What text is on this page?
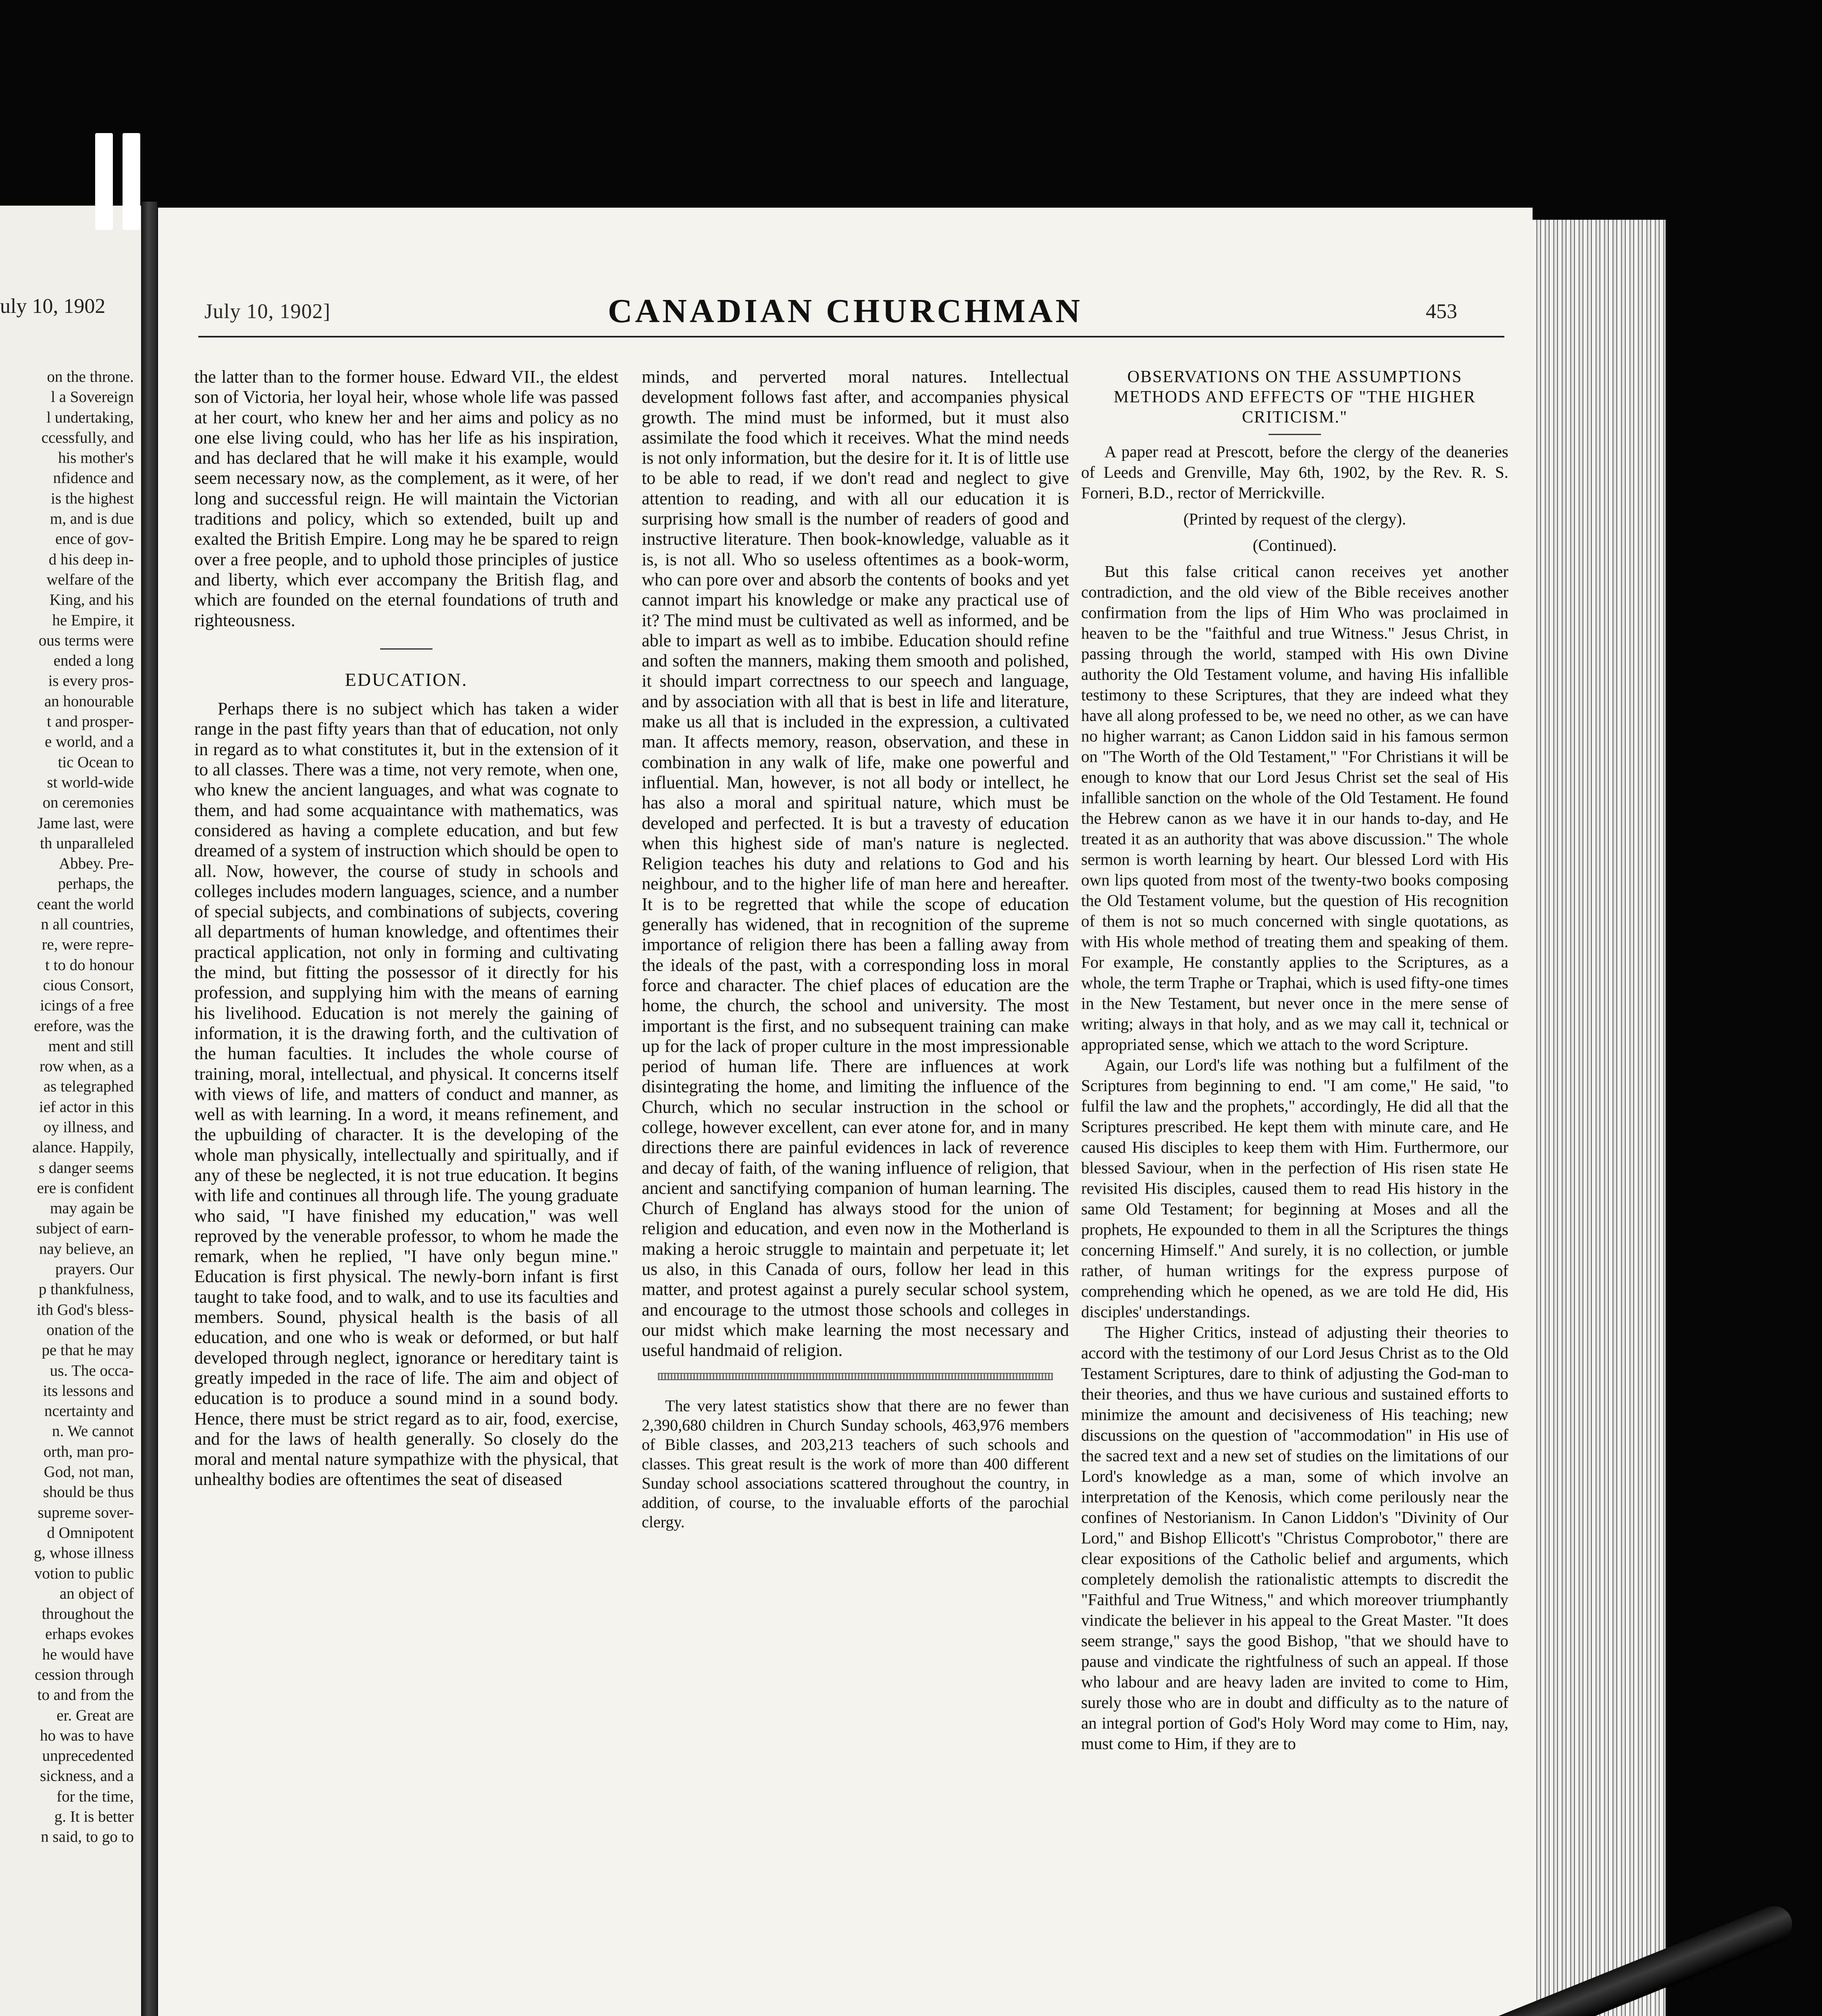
uly 10, 1902
on the throne.
l a Sovereign
l undertaking,
ccessfully, and
his mother's
nfidence and
is the highest
m, and is due
ence of gov-
d his deep in-
welfare of the
King, and his
he Empire, it
ous terms were
ended a long
is every pros-
an honourable
t and prosper-
e world, and a
tic Ocean to
st world-wide
on ceremonies
Jame last, were
th unparalleled
Abbey. Pre-
perhaps, the
ceant the world
n all countries,
re, were repre-
t to do honour
cious Consort,
icings of a free
erefore, was the
ment and still
row when, as a
as telegraphed
ief actor in this
oy illness, and
alance. Happily,
s danger seems
ere is confident
may again be
subject of earn-
nay believe, an
prayers. Our
p thankfulness,
ith God's bless-
onation of the
pe that he may
us. The occa-
its lessons and
ncertainty and
n. We cannot
orth, man pro-
God, not man,
should be thus
supreme sover-
d Omnipotent
g, whose illness
votion to public
an object of
throughout the
erhaps evokes
he would have
cession through
to and from the
er. Great are
ho was to have
unprecedented
sickness, and a
for the time,
g. It is better
n said, to go to
July 10, 1902]	CANADIAN CHURCHMAN	453

the latter than to the former house. Edward VII., the eldest son of Victoria, her loyal heir, whose whole life was passed at her court, who knew her and her aims and policy as no one else living could, who has her life as his inspiration, and has declared that he will make it his example, would seem necessary now, as the complement, as it were, of her long and successful reign. He will maintain the Victorian traditions and policy, which so extended, built up and exalted the British Empire. Long may he be spared to reign over a free people, and to uphold those principles of justice and liberty, which ever accompany the British flag, and which are founded on the eternal foundations of truth and righteousness.

EDUCATION.

Perhaps there is no subject which has taken a wider range in the past fifty years than that of education, not only in regard as to what constitutes it, but in the extension of it to all classes. There was a time, not very remote, when one, who knew the ancient languages, and what was cognate to them, and had some acquaintance with mathematics, was considered as having a complete education, and but few dreamed of a system of instruction which should be open to all. Now, however, the course of study in schools and colleges includes modern languages, science, and a number of special subjects, and combinations of subjects, covering all departments of human knowledge, and oftentimes their practical application, not only in forming and cultivating the mind, but fitting the possessor of it directly for his profession, and supplying him with the means of earning his livelihood. Education is not merely the gaining of information, it is the drawing forth, and the cultivation of the human faculties. It includes the whole course of training, moral, intellectual, and physical. It concerns itself with views of life, and matters of conduct and manner, as well as with learning. In a word, it means refinement, and the upbuilding of character. It is the developing of the whole man physically, intellectually and spiritually, and if any of these be neglected, it is not true education. It begins with life and continues all through life. The young graduate who said, "I have finished my education," was well reproved by the venerable professor, to whom he made the remark, when he replied, "I have only begun mine." Education is first physical. The newly-born infant is first taught to take food, and to walk, and to use its faculties and members. Sound, physical health is the basis of all education, and one who is weak or deformed, or but half developed through neglect, ignorance or hereditary taint is greatly impeded in the race of life. The aim and object of education is to produce a sound mind in a sound body. Hence, there must be strict regard as to air, food, exercise, and for the laws of health generally. So closely do the moral and mental nature sympathize with the physical, that unhealthy bodies are oftentimes the seat of diseased

minds, and perverted moral natures. Intellectual development follows fast after, and accompanies physical growth. The mind must be informed, but it must also assimilate the food which it receives. What the mind needs is not only information, but the desire for it. It is of little use to be able to read, if we don't read and neglect to give attention to reading, and with all our education it is surprising how small is the number of readers of good and instructive literature. Then book-knowledge, valuable as it is, is not all. Who so useless oftentimes as a book-worm, who can pore over and absorb the contents of books and yet cannot impart his knowledge or make any practical use of it? The mind must be cultivated as well as informed, and be able to impart as well as to imbibe. Education should refine and soften the manners, making them smooth and polished, it should impart correctness to our speech and language, and by association with all that is best in life and literature, make us all that is included in the expression, a cultivated man. It affects memory, reason, observation, and these in combination in any walk of life, make one powerful and influential. Man, however, is not all body or intellect, he has also a moral and spiritual nature, which must be developed and perfected. It is but a travesty of education when this highest side of man's nature is neglected. Religion teaches his duty and relations to God and his neighbour, and to the higher life of man here and hereafter. It is to be regretted that while the scope of education generally has widened, that in recognition of the supreme importance of religion there has been a falling away from the ideals of the past, with a corresponding loss in moral force and character. The chief places of education are the home, the church, the school and university. The most important is the first, and no subsequent training can make up for the lack of proper culture in the most impressionable period of human life. There are influences at work disintegrating the home, and limiting the influence of the Church, which no secular instruction in the school or college, however excellent, can ever atone for, and in many directions there are painful evidences in lack of reverence and decay of faith, of the waning influence of religion, that ancient and sanctifying companion of human learning. The Church of England has always stood for the union of religion and education, and even now in the Motherland is making a heroic struggle to maintain and perpetuate it; let us also, in this Canada of ours, follow her lead in this matter, and protest against a purely secular school system, and encourage to the utmost those schools and colleges in our midst which make learning the most necessary and useful handmaid of religion.

The very latest statistics show that there are no fewer than 2,390,680 children in Church Sunday schools, 463,976 members of Bible classes, and 203,213 teachers of such schools and classes. This great result is the work of more than 400 different Sunday school associations scattered throughout the country, in addition, of course, to the invaluable efforts of the parochial clergy.

OBSERVATIONS ON THE ASSUMPTIONS METHODS AND EFFECTS OF "THE HIGHER CRITICISM."

A paper read at Prescott, before the clergy of the deaneries of Leeds and Grenville, May 6th, 1902, by the Rev. R. S. Forneri, B.D., rector of Merrickville.

(Printed by request of the clergy).

(Continued).

But this false critical canon receives yet another contradiction, and the old view of the Bible receives another confirmation from the lips of Him Who was proclaimed in heaven to be the "faithful and true Witness." Jesus Christ, in passing through the world, stamped with His own Divine authority the Old Testament volume, and having His infallible testimony to these Scriptures, that they are indeed what they have all along professed to be, we need no other, as we can have no higher warrant; as Canon Liddon said in his famous sermon on "The Worth of the Old Testament," "For Christians it will be enough to know that our Lord Jesus Christ set the seal of His infallible sanction on the whole of the Old Testament. He found the Hebrew canon as we have it in our hands to-day, and He treated it as an authority that was above discussion." The whole sermon is worth learning by heart. Our blessed Lord with His own lips quoted from most of the twenty-two books composing the Old Testament volume, but the question of His recognition of them is not so much concerned with single quotations, as with His whole method of treating them and speaking of them. For example, He constantly applies to the Scriptures, as a whole, the term Traphe or Traphai, which is used fifty-one times in the New Testament, but never once in the mere sense of writing; always in that holy, and as we may call it, technical or appropriated sense, which we attach to the word Scripture.

Again, our Lord's life was nothing but a fulfilment of the Scriptures from beginning to end. "I am come," He said, "to fulfil the law and the prophets," accordingly, He did all that the Scriptures prescribed. He kept them with minute care, and He caused His disciples to keep them with Him. Furthermore, our blessed Saviour, when in the perfection of His risen state He revisited His disciples, caused them to read His history in the same Old Testament; for beginning at Moses and all the prophets, He expounded to them in all the Scriptures the things concerning Himself." And surely, it is no collection, or jumble rather, of human writings for the express purpose of comprehending which he opened, as we are told He did, His disciples' understandings.

The Higher Critics, instead of adjusting their theories to accord with the testimony of our Lord Jesus Christ as to the Old Testament Scriptures, dare to think of adjusting the God-man to their theories, and thus we have curious and sustained efforts to minimize the amount and decisiveness of His teaching; new discussions on the question of "accommodation" in His use of the sacred text and a new set of studies on the limitations of our Lord's knowledge as a man, some of which involve an interpretation of the Kenosis, which come perilously near the confines of Nestorianism. In Canon Liddon's "Divinity of Our Lord," and Bishop Ellicott's "Christus Comprobotor," there are clear expositions of the Catholic belief and arguments, which completely demolish the rationalistic attempts to discredit the "Faithful and True Witness," and which moreover triumphantly vindicate the believer in his appeal to the Great Master. "It does seem strange," says the good Bishop, "that we should have to pause and vindicate the rightfulness of such an appeal. If those who labour and are heavy laden are invited to come to Him, surely those who are in doubt and difficulty as to the nature of an integral portion of God's Holy Word may come to Him, nay, must come to Him, if they are to
